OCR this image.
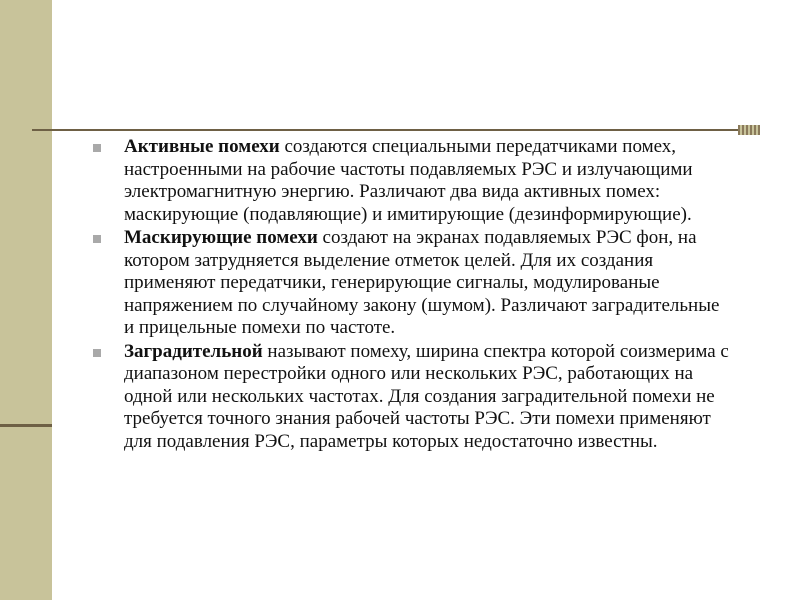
Активные помехи создаются специальными передатчиками помех, настроенными на рабочие частоты подавляемых РЭС и излучающими электромагнитную энергию. Различают два вида активных помех: маскирующие (подавляющие) и имитирующие (дезинформирующие).
Маскирующие помехи создают на экранах подавляемых РЭС фон, на котором затрудняется выделение отметок целей. Для их создания применяют передатчики, генерирующие сигналы, модулированые напряжением по случайному закону (шумом). Различают заградительные и прицельные помехи по частоте.
Заградительной называют помеху, ширина спектра которой соизмерима с диапазоном перестройки одного или нескольких РЭС, работающих на одной или нескольких частотах. Для создания заградительной помехи не требуется точного знания рабочей частоты РЭС. Эти помехи применяют для подавления РЭС, параметры которых недостаточно известны.
